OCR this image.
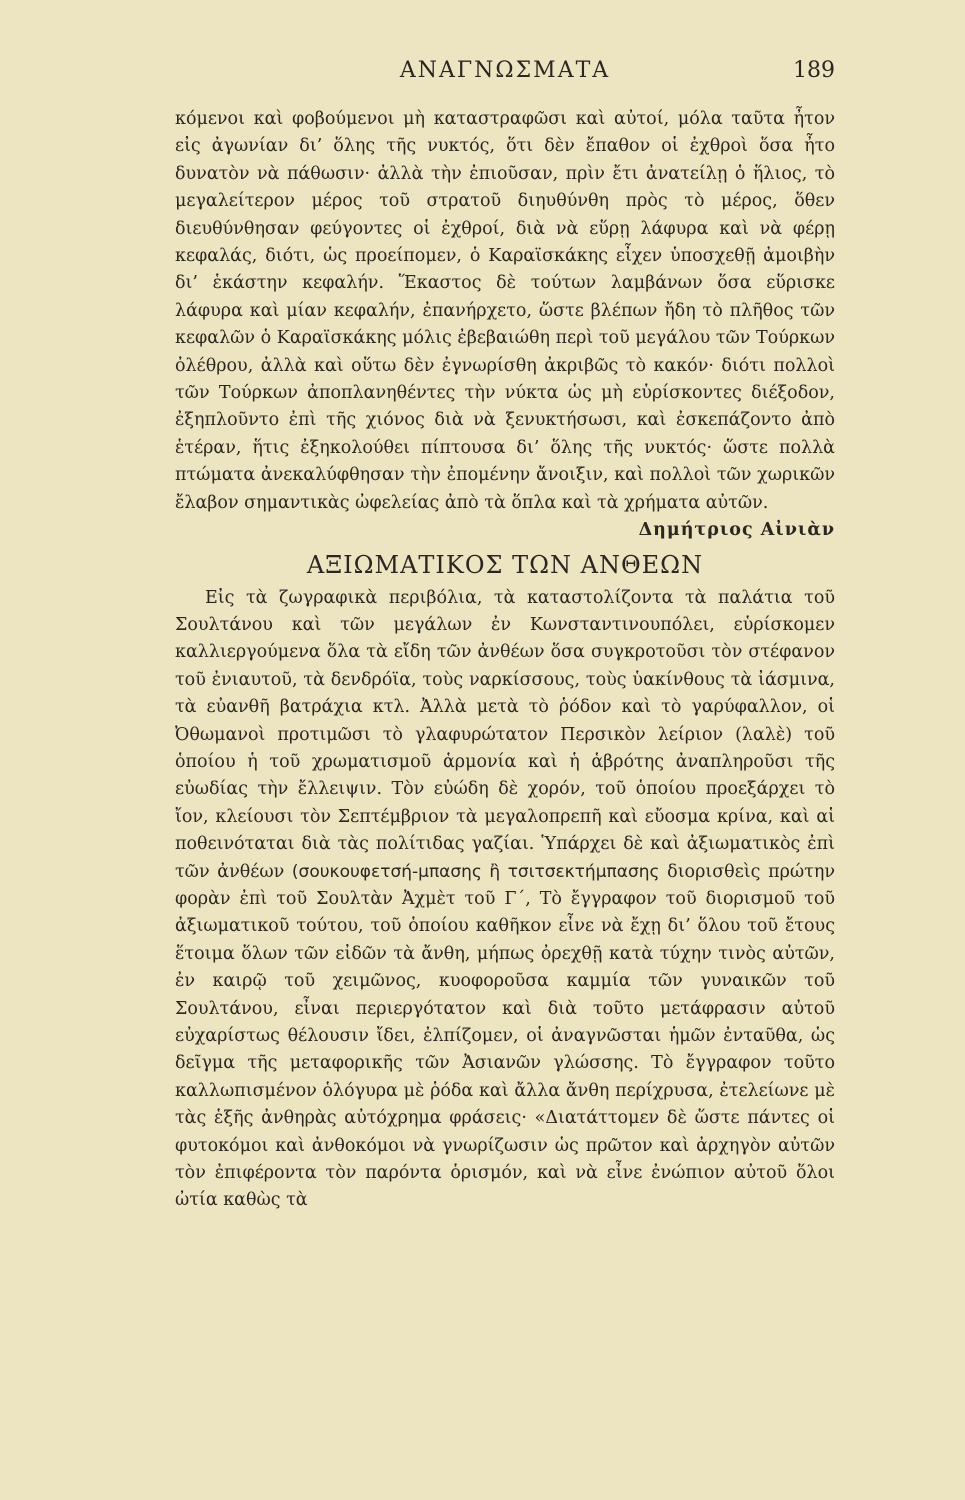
ΑΝΑΓΝΩΣΜΑΤΑ	189

κόμενοι καὶ φοβούμενοι μὴ καταστραφῶσι καὶ αὐτοί, μόλα ταῦτα ἦτον εἰς ἀγωνίαν δι’ ὅλης τῆς νυκτός, ὅτι δὲν ἔπαθον οἱ ἐχθροὶ ὅσα ἦτο δυνατὸν νὰ πάθωσιν· ἀλλὰ τὴν ἐπιοῦσαν, πρὶν ἔτι ἀνατείλῃ ὁ ἥλιος, τὸ μεγαλείτερον μέρος τοῦ στρατοῦ διηυθύνθη πρὸς τὸ μέρος, ὅθεν διευθύνθησαν φεύγοντες οἱ ἐχθροί, διὰ νὰ εὕρῃ λάφυρα καὶ νὰ φέρῃ κεφαλάς, διότι, ὡς προείπομεν, ὁ Καραϊσκάκης εἶχεν ὑποσχεθῇ ἀμοιβὴν δι’ ἑκάστην κεφαλήν. Ἕκαστος δὲ τούτων λαμβάνων ὅσα εὕρισκε λάφυρα καὶ μίαν κεφαλήν, ἐπανήρχετο, ὥστε βλέπων ἤδη τὸ πλῆθος τῶν κεφαλῶν ὁ Καραϊσκάκης μόλις ἐβεβαιώθη περὶ τοῦ μεγάλου τῶν Τούρκων ὀλέθρου, ἀλλὰ καὶ οὕτω δὲν ἐγνωρίσθη ἀκριβῶς τὸ κακόν· διότι πολλοὶ τῶν Τούρκων ἀποπλανηθέντες τὴν νύκτα ὡς μὴ εὑρίσκοντες διέξοδον, ἐξηπλοῦντο ἐπὶ τῆς χιόνος διὰ νὰ ξενυκτήσωσι, καὶ ἐσκεπάζοντο ἀπὸ ἑτέραν, ἥτις ἐξηκολούθει πίπτουσα δι’ ὅλης τῆς νυκτός· ὥστε πολλὰ πτώματα ἀνεκαλύφθησαν τὴν ἐπομένην ἄνοιξιν, καὶ πολλοὶ τῶν χωρικῶν ἔλαβον σημαντικὰς ὠφελείας ἀπὸ τὰ ὅπλα καὶ τὰ χρήματα αὐτῶν.
Δημήτριος Αἰνιὰν

ΑΞΙΩΜΑΤΙΚΟΣ ΤΩΝ ΑΝΘΕΩΝ

Εἰς τὰ ζωγραφικὰ περιβόλια, τὰ καταστολίζοντα τὰ παλάτια τοῦ Σουλτάνου καὶ τῶν μεγάλων ἐν Κωνσταντινουπόλει, εὑρίσκομεν καλλιεργούμενα ὅλα τὰ εἴδη τῶν ἀνθέων ὅσα συγκροτοῦσι τὸν στέφανον τοῦ ἐνιαυτοῦ, τὰ δενδρόϊα, τοὺς ναρκίσσους, τοὺς ὑακίνθους τὰ ἰάσμινα, τὰ εὐανθῆ βατράχια κτλ. Ἀλλὰ μετὰ τὸ ῥόδον καὶ τὸ γαρύφαλλον, οἱ Ὀθωμανοὶ προτιμῶσι τὸ γλαφυρώτατον Περσικὸν λείριον (λαλὲ) τοῦ ὁποίου ἡ τοῦ χρωματισμοῦ ἁρμονία καὶ ἡ ἁβρότης ἀναπληροῦσι τῆς εὐωδίας τὴν ἔλλειψιν. Τὸν εὐώδη δὲ χορόν, τοῦ ὁποίου προεξάρχει τὸ ἴον, κλείουσι τὸν Σεπτέμβριον τὰ μεγαλοπρεπῆ καὶ εὔοσμα κρίνα, καὶ αἱ ποθεινόταται διὰ τὰς πολίτιδας γαζίαι. Ὑπάρχει δὲ καὶ ἀξιωματικὸς ἐπὶ τῶν ἀνθέων (σουκουφετσή-μπασης ἢ τσιτσεκτήμπασης διορισθεὶς πρώτην φορὰν ἐπὶ τοῦ Σουλτὰν Ἀχμὲτ τοῦ Γ΄, Τὸ ἔγγραφον τοῦ διορισμοῦ τοῦ ἀξιωματικοῦ τούτου, τοῦ ὁποίου καθῆκον εἶνε νὰ ἔχῃ δι’ ὅλου τοῦ ἔτους ἕτοιμα ὅλων τῶν εἰδῶν τὰ ἄνθη, μήπως ὀρεχθῇ κατὰ τύχην τινὸς αὐτῶν, ἐν καιρῷ τοῦ χειμῶνος, κυοφοροῦσα καμμία τῶν γυναικῶν τοῦ Σουλτάνου, εἶναι περιεργότατον καὶ διὰ τοῦτο μετάφρασιν αὐτοῦ εὐχαρίστως θέλουσιν ἴδει, ἐλπίζομεν, οἱ ἀναγνῶσται ἡμῶν ἐνταῦθα, ὡς δεῖγμα τῆς μεταφορικῆς τῶν Ἀσιανῶν γλώσσης. Τὸ ἔγγραφον τοῦτο καλλωπισμένον ὁλόγυρα μὲ ῥόδα καὶ ἄλλα ἄνθη περίχρυσα, ἐτελείωνε μὲ τὰς ἑξῆς ἀνθηρὰς αὐτόχρημα φράσεις· «Διατάττομεν δὲ ὥστε πάντες οἱ φυτοκόμοι καὶ ἀνθοκόμοι νὰ γνωρίζωσιν ὡς πρῶτον καὶ ἀρχηγὸν αὐτῶν τὸν ἐπιφέροντα τὸν παρόντα ὁρισμόν, καὶ νὰ εἶνε ἐνώπιον αὐτοῦ ὅλοι ὠτία καθὼς τὰ
